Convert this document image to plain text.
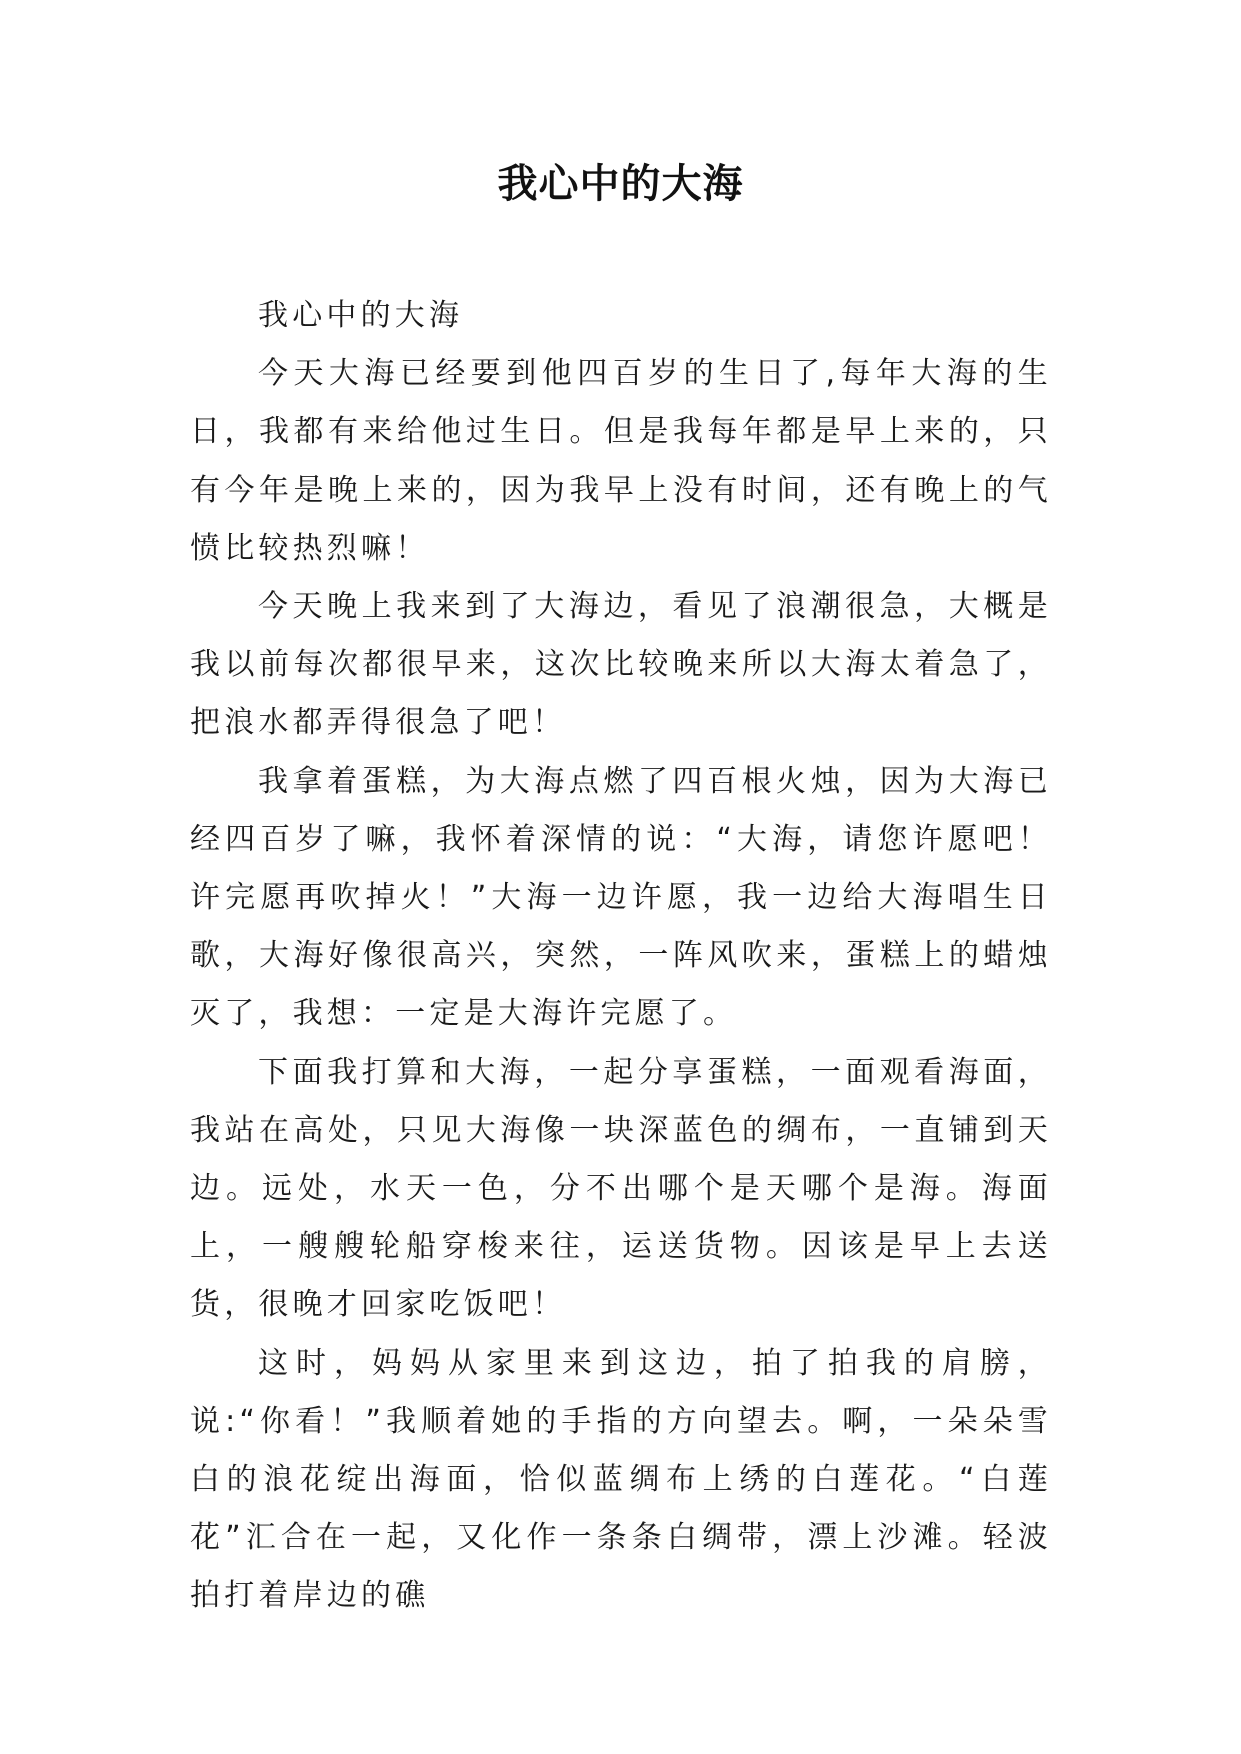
我心中的大海

我心中的大海

今天大海已经要到他四百岁的生日了,每年大海的生日，我都有来给他过生日。但是我每年都是早上来的，只有今年是晚上来的，因为我早上没有时间，还有晚上的气愤比较热烈嘛！

今天晚上我来到了大海边，看见了浪潮很急，大概是我以前每次都很早来，这次比较晚来所以大海太着急了，把浪水都弄得很急了吧！

我拿着蛋糕，为大海点燃了四百根火烛，因为大海已经四百岁了嘛，我怀着深情的说：“大海，请您许愿吧！许完愿再吹掉火！”大海一边许愿，我一边给大海唱生日歌，大海好像很高兴，突然，一阵风吹来，蛋糕上的蜡烛灭了，我想：一定是大海许完愿了。

下面我打算和大海，一起分享蛋糕，一面观看海面，我站在高处，只见大海像一块深蓝色的绸布，一直铺到天边。远处，水天一色，分不出哪个是天哪个是海。海面上，一艘艘轮船穿梭来往，运送货物。因该是早上去送货，很晚才回家吃饭吧！

这时，妈妈从家里来到这边，拍了拍我的肩膀，说:“你看！”我顺着她的手指的方向望去。啊，一朵朵雪白的浪花绽出海面，恰似蓝绸布上绣的白莲花。“白莲花”汇合在一起，又化作一条条白绸带，漂上沙滩。轻波拍打着岸边的礁
